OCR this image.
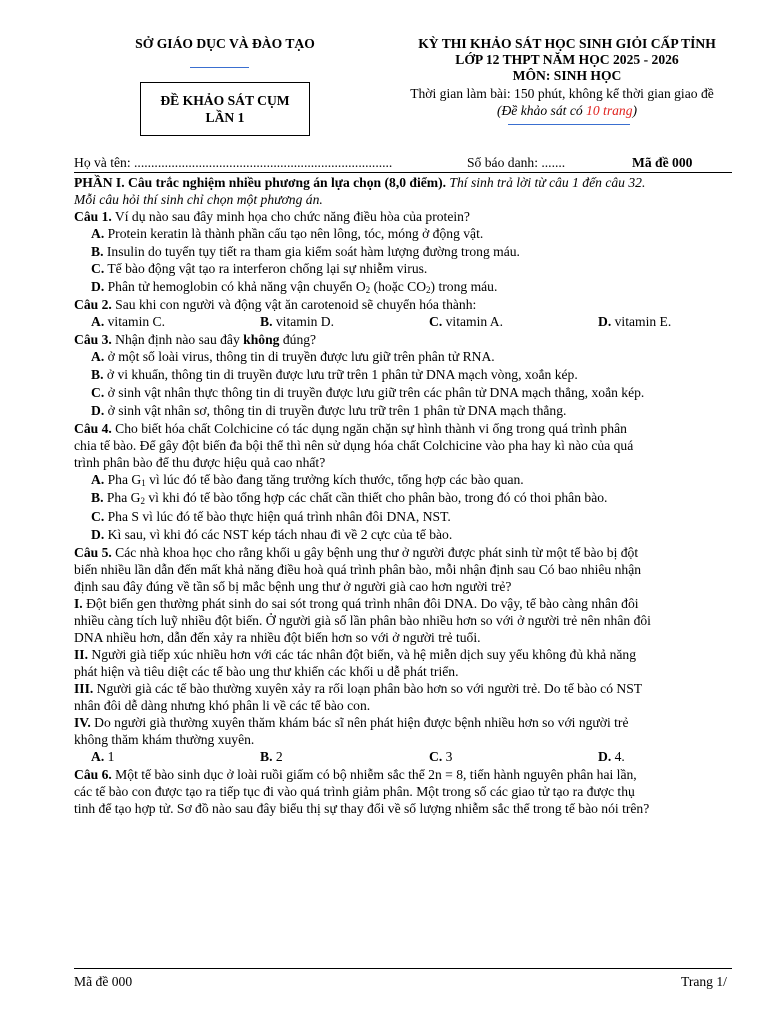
SỞ GIÁO DỤC VÀ ĐÀO TẠO
ĐỀ KHẢO SÁT CỤM
LẦN 1
KỲ THI KHẢO SÁT HỌC SINH GIỎI CẤP TỈNH
LỚP 12 THPT NĂM HỌC 2025 - 2026
MÔN: SINH HỌC
Thời gian làm bài: 150 phút, không kể thời gian giao đề
(Đề khảo sát có 10 trang)
Họ và tên: ............................................................................	Số báo danh: .......	Mã đề 000
PHẦN I. Câu trắc nghiệm nhiều phương án lựa chọn (8,0 điểm). Thí sinh trả lời từ câu 1 đến câu 32.
Mỗi câu hỏi thí sinh chỉ chọn một phương án.
Câu 1. Ví dụ nào sau đây minh họa cho chức năng điều hòa của protein?
A. Protein keratin là thành phần cấu tạo nên lông, tóc, móng ở động vật.
B. Insulin do tuyến tụy tiết ra tham gia kiểm soát hàm lượng đường trong máu.
C. Tế bào động vật tạo ra interferon chống lại sự nhiễm virus.
D. Phân tử hemoglobin có khả năng vận chuyển $O_2$ (hoặc $CO_2$) trong máu.
Câu 2. Sau khi con người và động vật ăn carotenoid sẽ chuyển hóa thành:
A. vitamin C.	B. vitamin D.	C. vitamin A.	D. vitamin E.
Câu 3. Nhận định nào sau đây không đúng?
A. ở một số loài virus, thông tin di truyền được lưu giữ trên phân tử RNA.
B. ở vi khuẩn, thông tin di truyền được lưu trữ trên 1 phân tử DNA mạch vòng, xoắn kép.
C. ở sinh vật nhân thực thông tin di truyền được lưu giữ trên các phân tử DNA mạch thẳng, xoắn kép.
D. ở sinh vật nhân sơ, thông tin di truyền được lưu trữ trên 1 phân tử DNA mạch thẳng.
Câu 4. Cho biết hóa chất Colchicine có tác dụng ngăn chặn sự hình thành vi ống trong quá trình phân
chia tế bào. Để gây đột biến đa bội thể thì nên sử dụng hóa chất Colchicine vào pha hay kì nào của quá
trình phân bào để thu được hiệu quả cao nhất?
A. Pha $G_1$ vì lúc đó tế bào đang tăng trưởng kích thước, tổng hợp các bào quan.
B. Pha $G_2$ vì khi đó tế bào tổng hợp các chất cần thiết cho phân bào, trong đó có thoi phân bào.
C. Pha S vì lúc đó tế bào thực hiện quá trình nhân đôi DNA, NST.
D. Kì sau, vì khi đó các NST kép tách nhau đi về 2 cực của tế bào.
Câu 5. Các nhà khoa học cho rằng khối u gây bệnh ung thư ở người được phát sinh từ một tế bào bị đột
biến nhiều lần dẫn đến mất khả năng điều hoà quá trình phân bào, mỗi nhận định sau Có bao nhiêu nhận
định sau đây đúng về tần số bị mắc bệnh ung thư ở người già cao hơn người trẻ?
I. Đột biến gen thường phát sinh do sai sót trong quá trình nhân đôi DNA. Do vậy, tế bào càng nhân đôi
nhiều càng tích luỹ nhiều đột biến. Ở người già số lần phân bào nhiều hơn so với ở người trẻ nên nhân đôi
DNA nhiều hơn, dẫn đến xảy ra nhiều đột biến hơn so với ở người trẻ tuổi.
II. Người già tiếp xúc nhiều hơn với các tác nhân đột biến, và hệ miễn dịch suy yếu không đủ khả năng
phát hiện và tiêu diệt các tế bào ung thư khiến các khối u dễ phát triển.
III. Người già các tế bào thường xuyên xảy ra rối loạn phân bào hơn so với người trẻ. Do tế bào có NST
nhân đôi dễ dàng nhưng khó phân li về các tế bào con.
IV. Do người già thường xuyên thăm khám bác sĩ nên phát hiện được bệnh nhiều hơn so với người trẻ
không thăm khám thường xuyên.
A. 1	B. 2	C. 3	D. 4.
Câu 6. Một tế bào sinh dục ở loài ruồi giấm có bộ nhiễm sắc thể 2n = 8, tiến hành nguyên phân hai lần,
các tế bào con được tạo ra tiếp tục đi vào quá trình giảm phân. Một trong số các giao tử tạo ra được thụ
tinh để tạo hợp tử. Sơ đồ nào sau đây biểu thị sự thay đổi về số lượng nhiễm sắc thể trong tế bào nói trên?
Mã đề 000	Trang 1/
